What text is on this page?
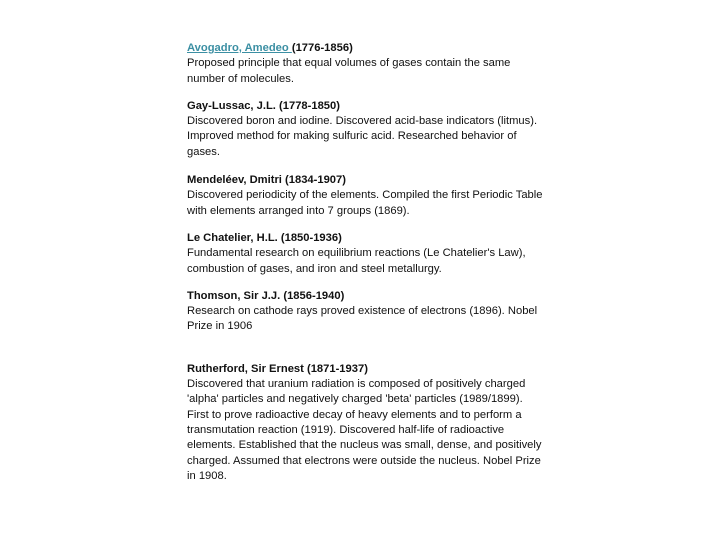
Avogadro, Amedeo (1776-1856)
Proposed principle that equal volumes of gases contain the same number of molecules.
Gay-Lussac, J.L. (1778-1850)
Discovered boron and iodine. Discovered acid-base indicators (litmus). Improved method for making sulfuric acid. Researched behavior of gases.
Mendeléev, Dmitri (1834-1907)
Discovered periodicity of the elements. Compiled the first Periodic Table with elements arranged into 7 groups (1869).
Le Chatelier, H.L. (1850-1936)
Fundamental research on equilibrium reactions (Le Chatelier's Law), combustion of gases, and iron and steel metallurgy.
Thomson, Sir J.J. (1856-1940)
Research on cathode rays proved existence of electrons (1896). Nobel Prize in 1906
Rutherford, Sir Ernest (1871-1937)
Discovered that uranium radiation is composed of positively charged 'alpha' particles and negatively charged 'beta' particles (1989/1899). First to prove radioactive decay of heavy elements and to perform a transmutation reaction (1919). Discovered half-life of radioactive elements. Established that the nucleus was small, dense, and positively charged. Assumed that electrons were outside the nucleus. Nobel Prize in 1908.
